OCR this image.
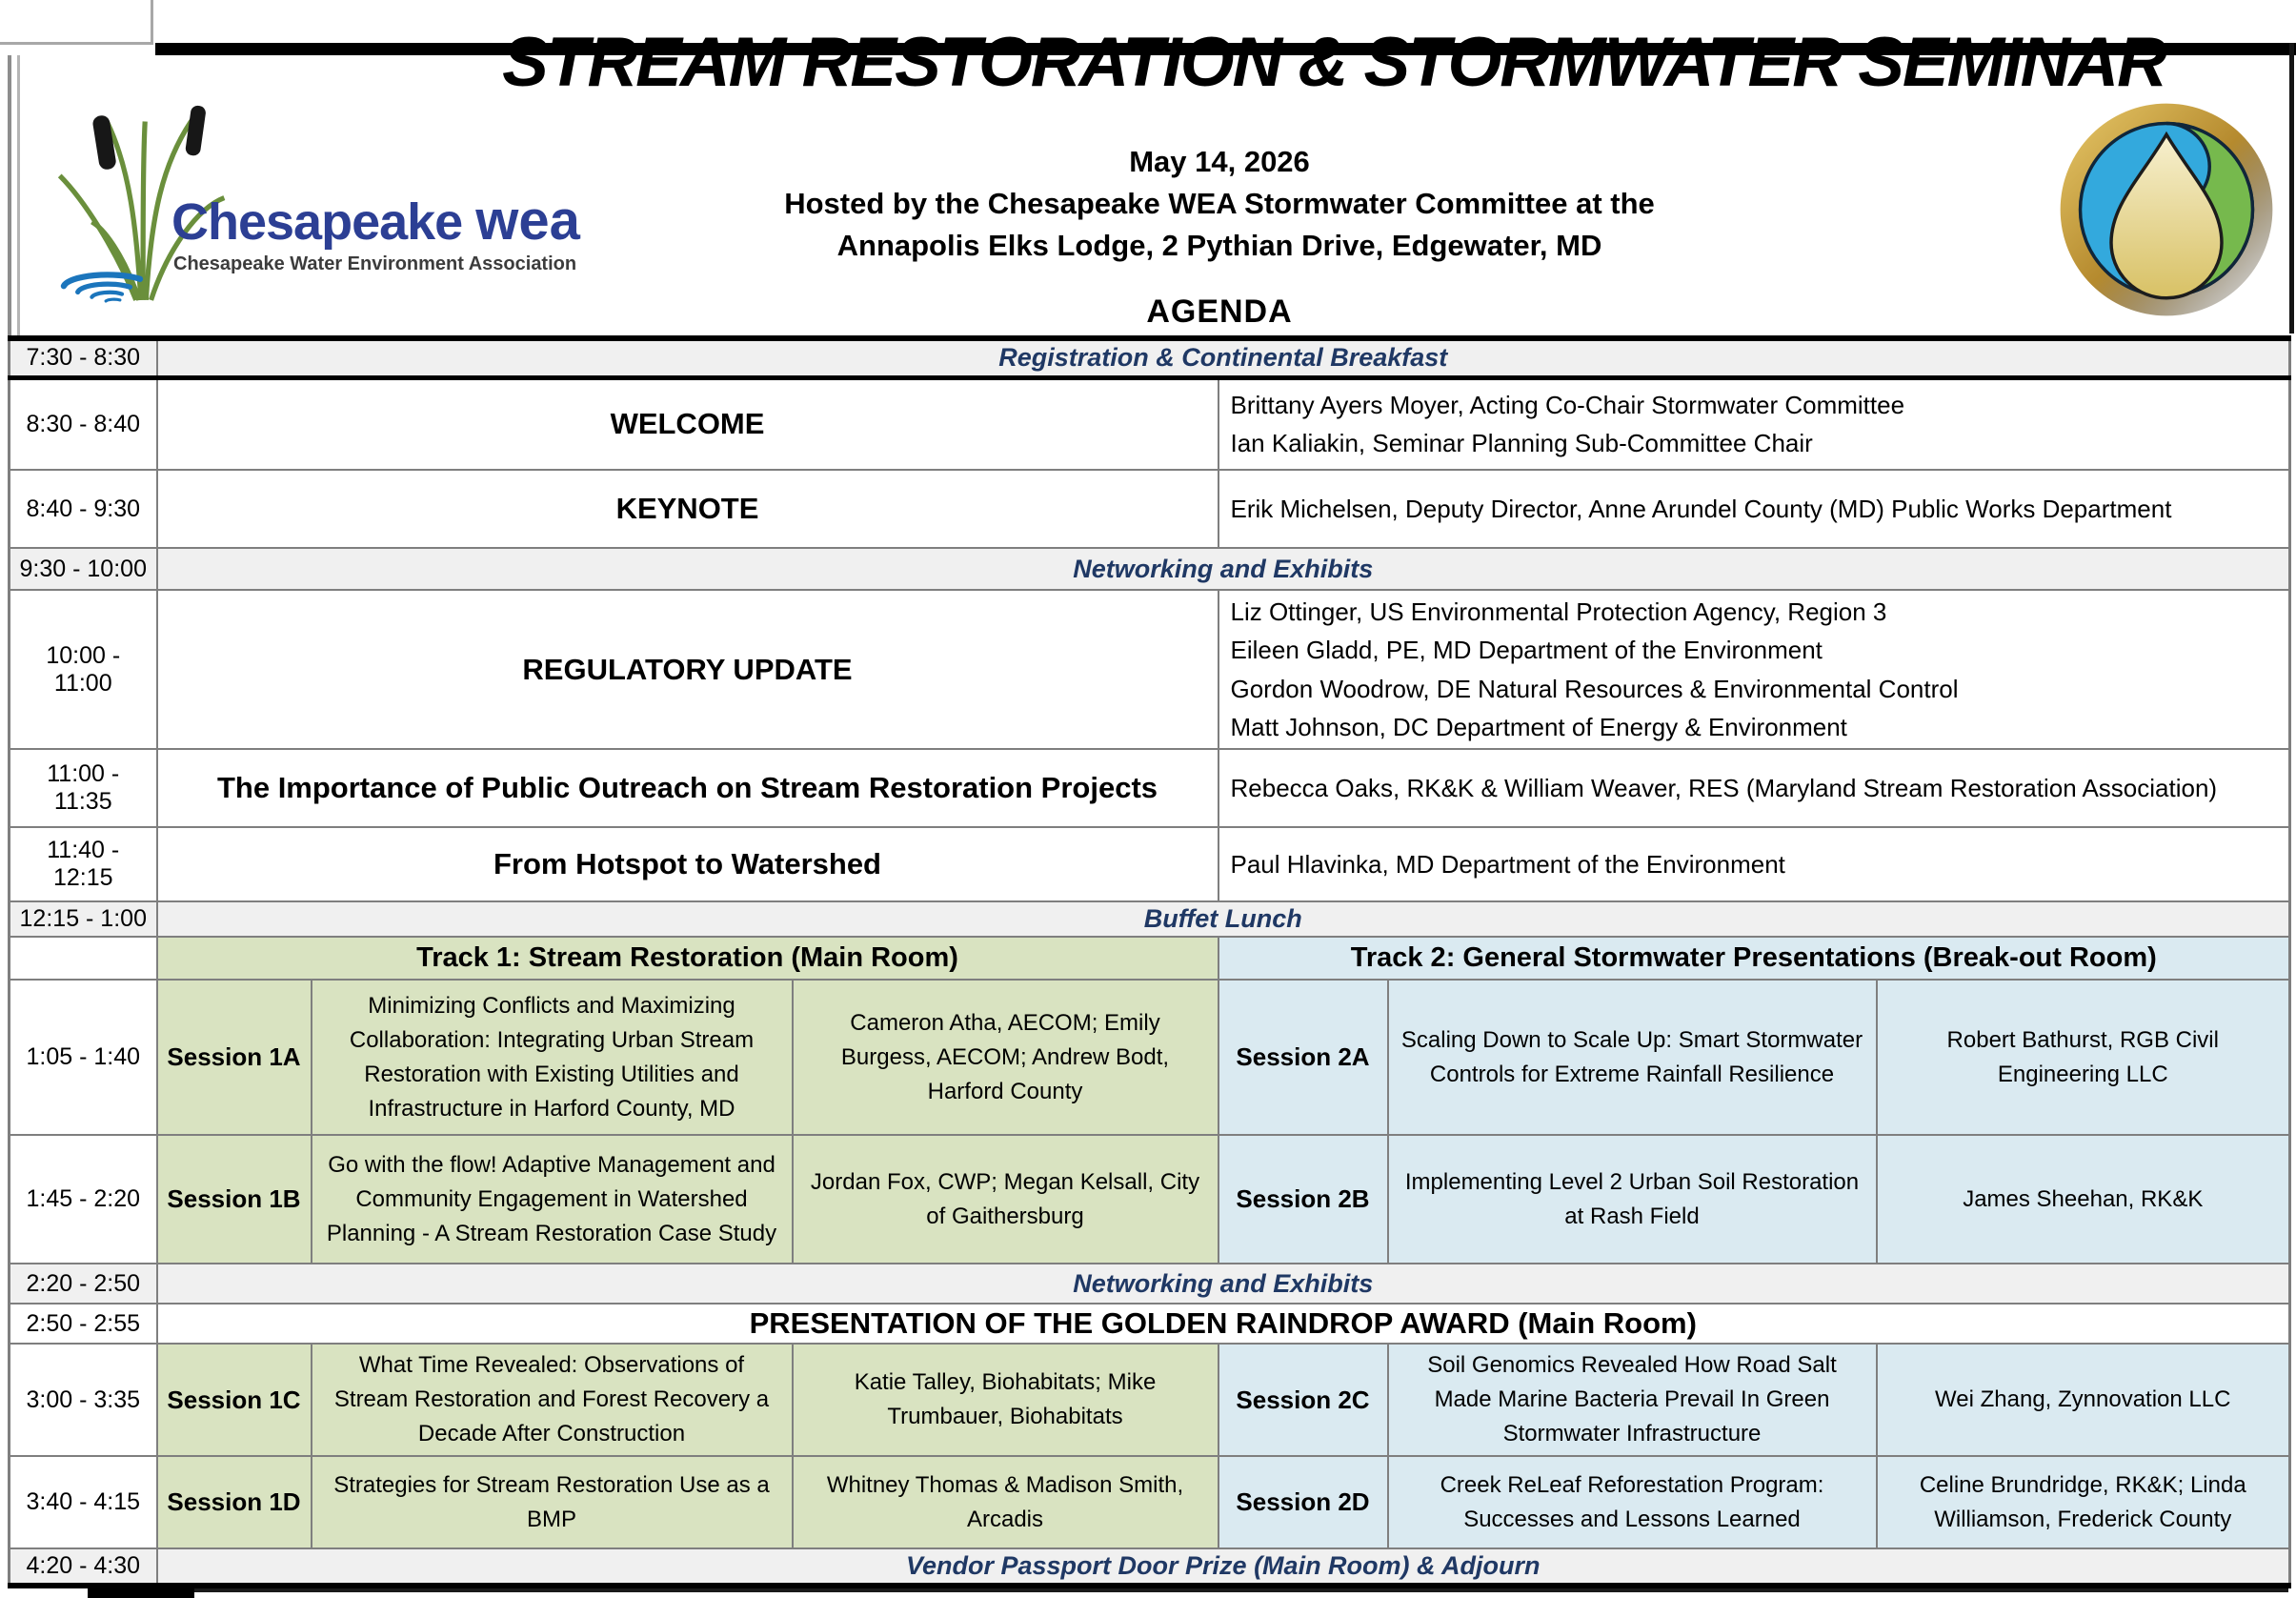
STREAM RESTORATION & STORMWATER SEMINAR
May 14, 2026
Hosted by the Chesapeake WEA Stormwater Committee at the
Annapolis Elks Lodge, 2 Pythian Drive, Edgewater, MD
AGENDA
Chesapeake wea
Chesapeake Water Environment Association
7:30 - 8:30	Registration & Continental Breakfast					
8:30 - 8:40	WELCOME			Brittany Ayers Moyer, Acting Co-Chair Stormwater Committee
Ian Kaliakin, Seminar Planning Sub-Committee Chair		

8:40 - 9:30	KEYNOTE			Erik Michelsen, Deputy Director, Anne Arundel County (MD) Public Works Department		

9:30 - 10:00	Networking and Exhibits					
10:00 - 11:00	REGULATORY UPDATE			Liz Ottinger, US Environmental Protection Agency, Region 3
Eileen Gladd, PE, MD Department of the Environment
Gordon Woodrow, DE Natural Resources & Environmental Control
Matt Johnson, DC Department of Energy & Environment		

11:00 - 11:35	The Importance of Public Outreach on Stream Restoration Projects			Rebecca Oaks, RK&K & William Weaver, RES (Maryland Stream Restoration Association)		

11:40 - 12:15	From Hotspot to Watershed			Paul Hlavinka, MD Department of the Environment		

12:15 - 1:00	Buffet Lunch					
	Track 1: Stream Restoration (Main Room)			Track 2: General Stormwater Presentations (Break-out Room)		
1:05 - 1:40	Session 1A	Minimizing Conflicts and Maximizing Collaboration: Integrating Urban Stream Restoration with Existing Utilities and Infrastructure in Harford County, MD	Cameron Atha, AECOM; Emily Burgess, AECOM; Andrew Bodt, Harford County	Session 2A	Scaling Down to Scale Up: Smart Stormwater Controls for Extreme Rainfall Resilience	Robert Bathurst, RGB Civil Engineering LLC
1:45 - 2:20	Session 1B	Go with the flow! Adaptive Management and Community Engagement in Watershed Planning - A Stream Restoration Case Study	Jordan Fox, CWP; Megan Kelsall, City of Gaithersburg	Session 2B	Implementing Level 2 Urban Soil Restoration at Rash Field	James Sheehan, RK&K
2:20 - 2:50	Networking and Exhibits					
2:50 - 2:55	PRESENTATION OF THE GOLDEN RAINDROP AWARD (Main Room)					
3:00 - 3:35	Session 1C	What Time Revealed: Observations of Stream Restoration and Forest Recovery a Decade After Construction	Katie Talley, Biohabitats; Mike Trumbauer, Biohabitats	Session 2C	Soil Genomics Revealed How Road Salt Made Marine Bacteria Prevail In Green Stormwater Infrastructure	Wei Zhang, Zynnovation LLC
3:40 - 4:15	Session 1D	Strategies for Stream Restoration Use as a BMP	Whitney Thomas & Madison Smith, Arcadis	Session 2D	Creek ReLeaf Reforestation Program: Successes and Lessons Learned	Celine Brundridge, RK&K; Linda Williamson, Frederick County
4:20 - 4:30	Vendor Passport Door Prize (Main Room) & Adjourn					
